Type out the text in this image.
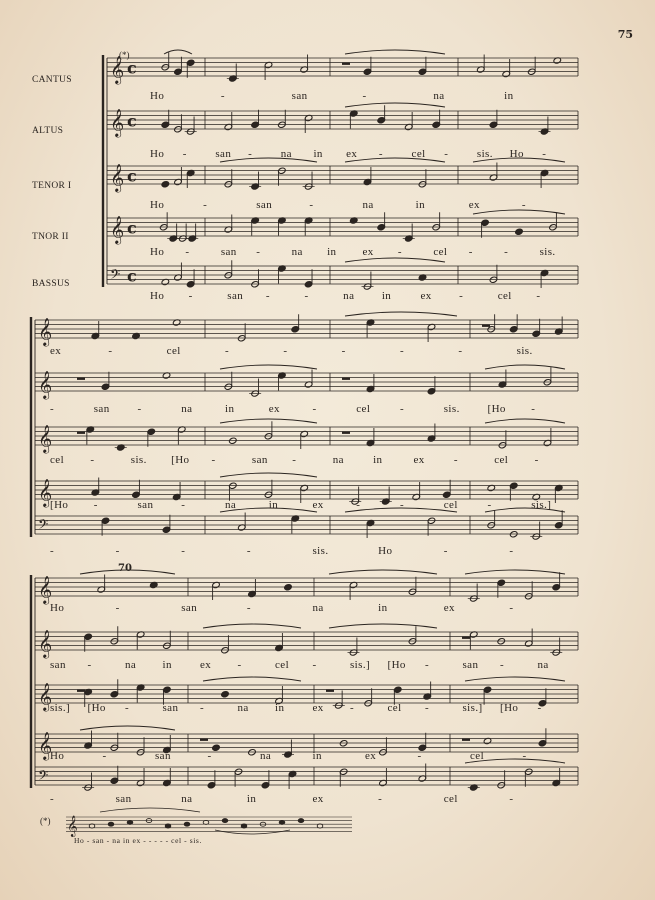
75
CANTUS
ALTUS
TENOR I
TNOR II
BASSUS
(*)
70
𝄞 c
𝄞 c
𝄞 c
𝄞 c
𝄢 c
𝄞
𝄞
𝄞
𝄞
𝄢
𝄞
𝄞
𝄞
𝄞
𝄢
𝄞
Ho	-	san	-	na	in
Ho -	san -	na in ex -	cel -	sis. Ho -
Ho	-	san	-	na	in	ex	-
Ho -	san -	na in ex -	cel -	-	sis.
Ho -	san -	-	na in	ex -	cel -
ex	-	cel	-	-	-	-	-	sis.
-	san	-	na	in	ex	-	cel	-	sis.	[Ho -
cel -	sis. [Ho -	san -	na	in	ex	-	cel -
[Ho -	san	-	na	in	ex	-	-	cel	-	sis.]
-	-	-	-	sis.	Ho	-	-
Ho	-	san	-	na	in	ex	-
san -	na in	ex -	cel -	sis.] [Ho -	san -	na
sis.] [Ho -	san -	na in	ex -	cel -	sis.] [Ho -
Ho	-	san	-	na	in	ex	-	cel	-
-	san	na	in	ex	-	cel	-
(*)
Ho - san - na in ex - - - - - cel - sis.
